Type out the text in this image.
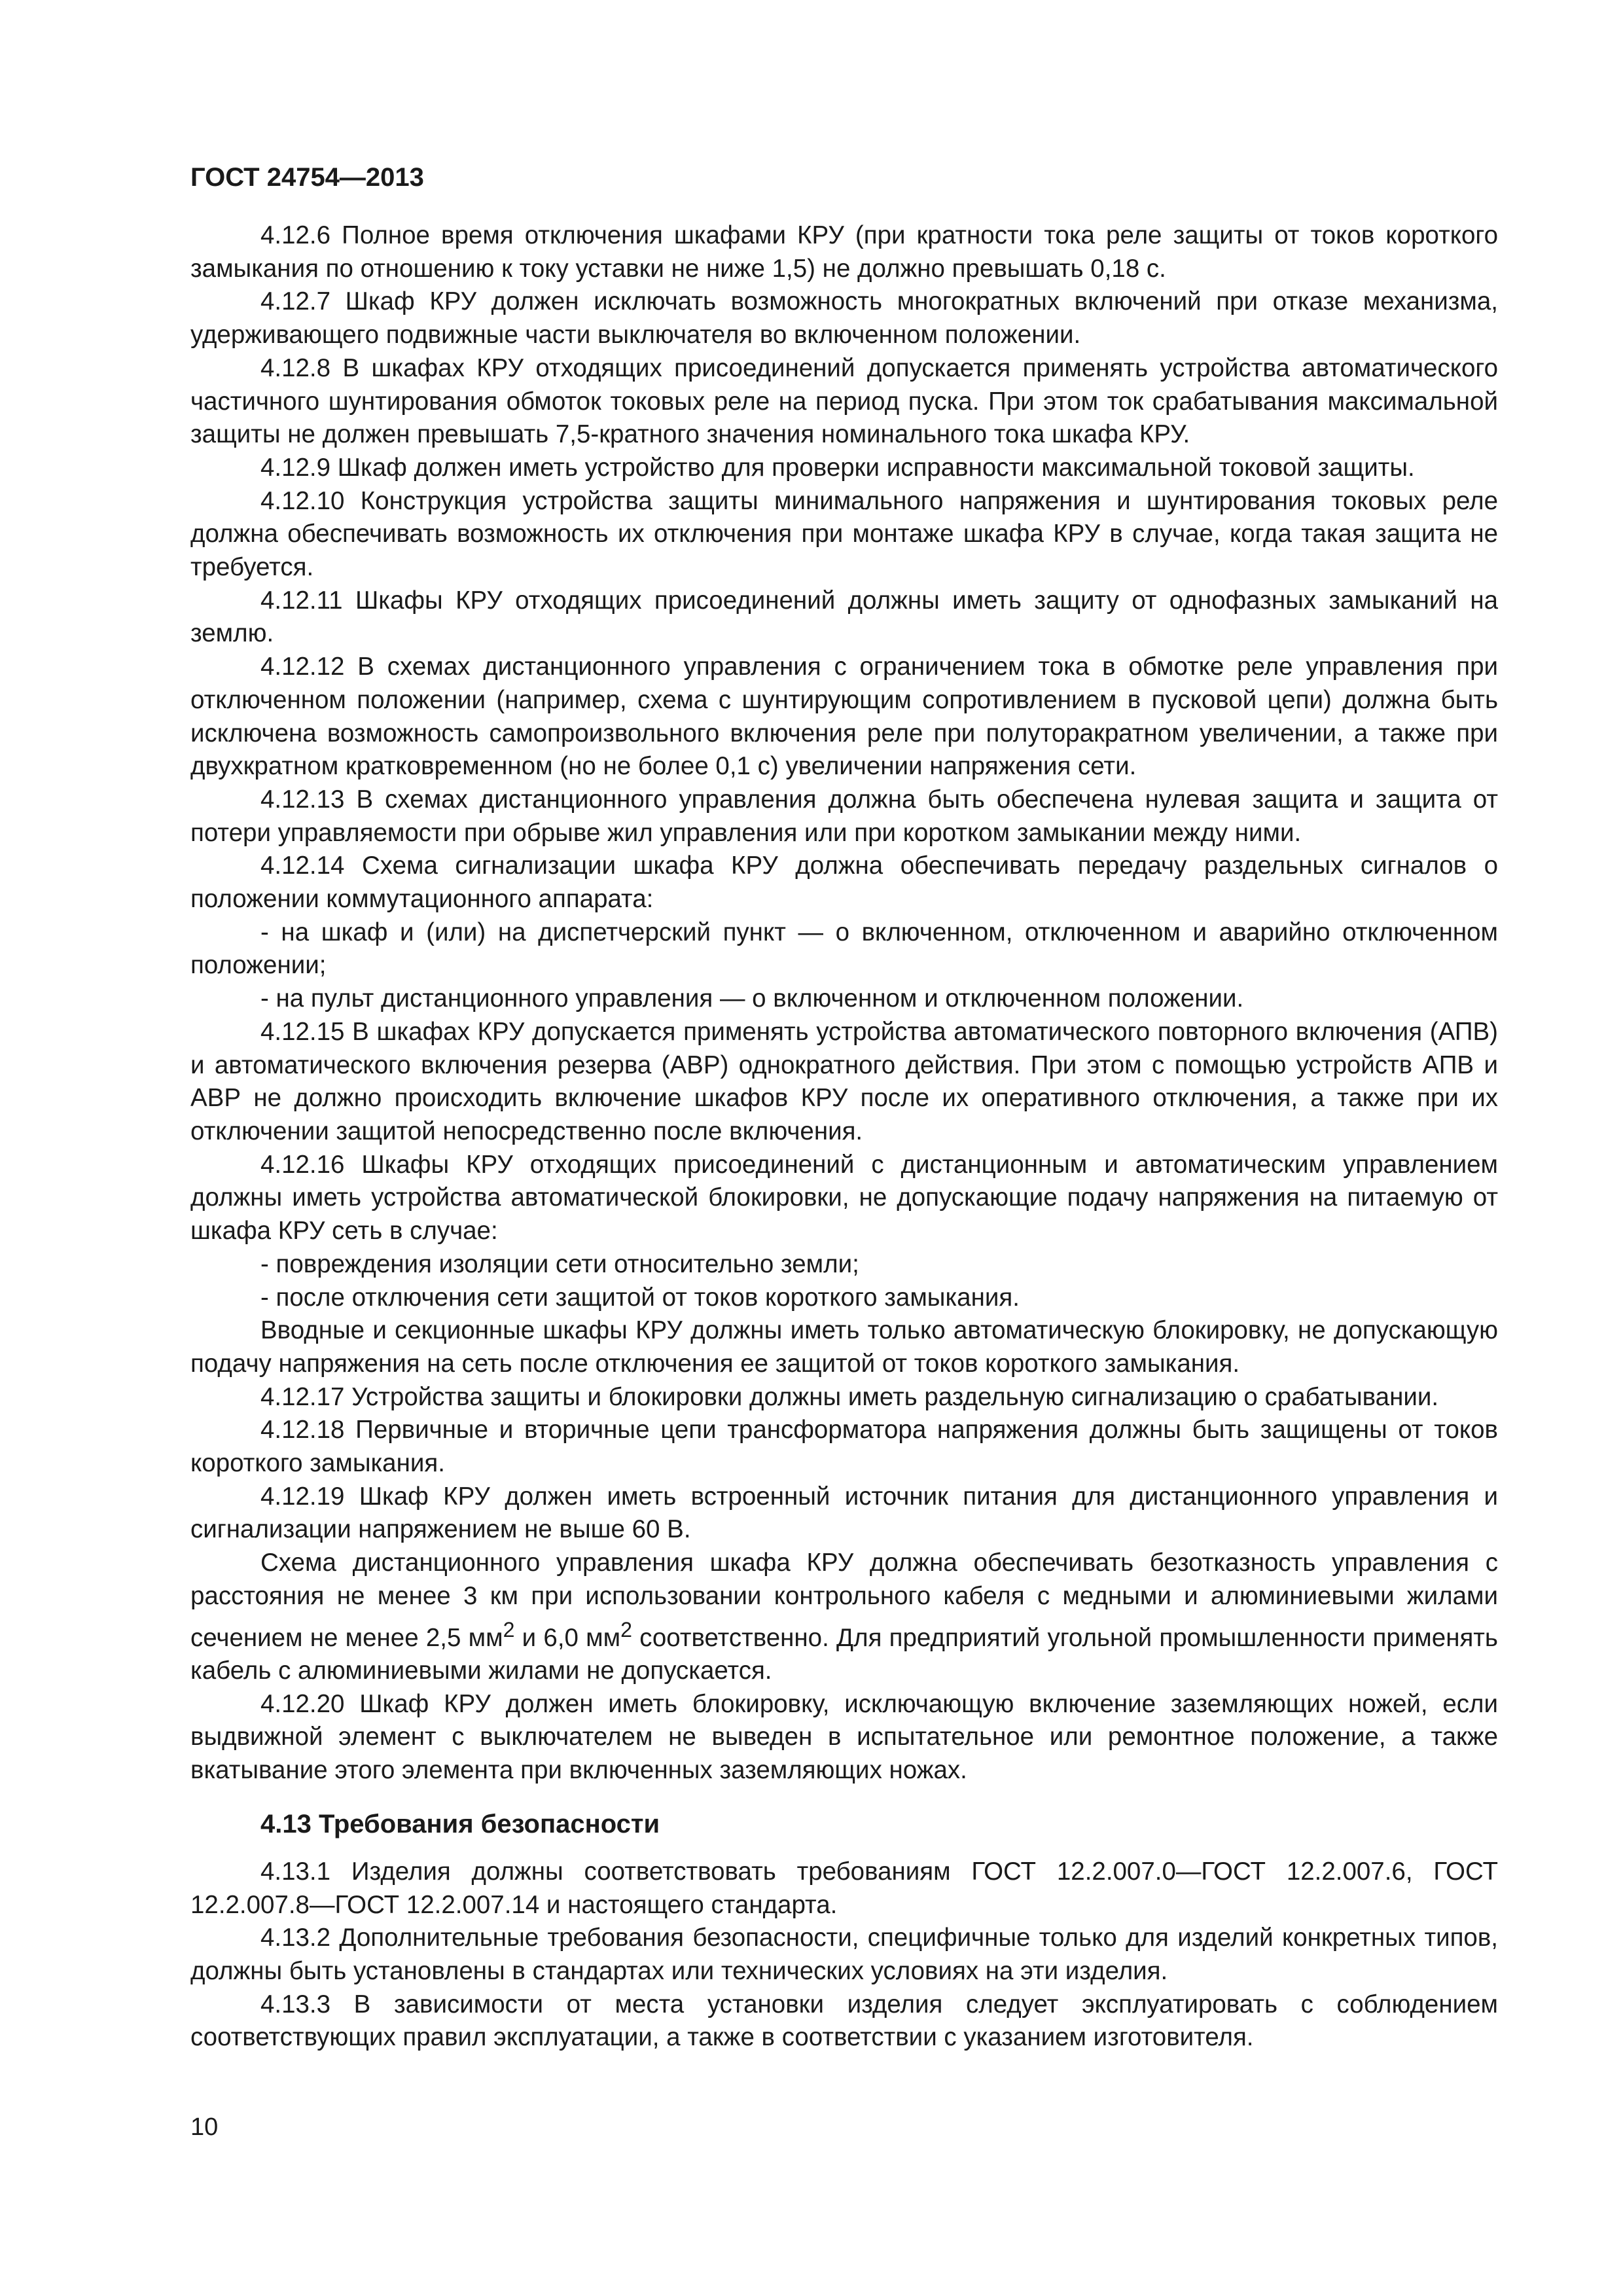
ГОСТ 24754—2013

4.12.6 Полное время отключения шкафами КРУ (при кратности тока реле защиты от токов короткого замыкания по отношению к току уставки не ниже 1,5) не должно превышать 0,18 с.

4.12.7 Шкаф КРУ должен исключать возможность многократных включений при отказе механизма, удерживающего подвижные части выключателя во включенном положении.

4.12.8 В шкафах КРУ отходящих присоединений допускается применять устройства автоматического частичного шунтирования обмоток токовых реле на период пуска. При этом ток срабатывания максимальной защиты не должен превышать 7,5-кратного значения номинального тока шкафа КРУ.

4.12.9 Шкаф должен иметь устройство для проверки исправности максимальной токовой защиты.

4.12.10 Конструкция устройства защиты минимального напряжения и шунтирования токовых реле должна обеспечивать возможность их отключения при монтаже шкафа КРУ в случае, когда такая защита не требуется.

4.12.11 Шкафы КРУ отходящих присоединений должны иметь защиту от однофазных замыканий на землю.

4.12.12 В схемах дистанционного управления с ограничением тока в обмотке реле управления при отключенном положении (например, схема с шунтирующим сопротивлением в пусковой цепи) должна быть исключена возможность самопроизвольного включения реле при полуторакратном увеличении, а также при двухкратном кратковременном (но не более 0,1 с) увеличении напряжения сети.

4.12.13 В схемах дистанционного управления должна быть обеспечена нулевая защита и защита от потери управляемости при обрыве жил управления или при коротком замыкании между ними.

4.12.14 Схема сигнализации шкафа КРУ должна обеспечивать передачу раздельных сигналов о положении коммутационного аппарата:

- на шкаф и (или) на диспетчерский пункт — о включенном, отключенном и аварийно отключенном положении;

- на пульт дистанционного управления — о включенном и отключенном положении.

4.12.15 В шкафах КРУ допускается применять устройства автоматического повторного включения (АПВ) и автоматического включения резерва (АВР) однократного действия. При этом с помощью устройств АПВ и АВР не должно происходить включение шкафов КРУ после их оперативного отключения, а также при их отключении защитой непосредственно после включения.

4.12.16 Шкафы КРУ отходящих присоединений с дистанционным и автоматическим управлением должны иметь устройства автоматической блокировки, не допускающие подачу напряжения на питаемую от шкафа КРУ сеть в случае:

- повреждения изоляции сети относительно земли;

- после отключения сети защитой от токов короткого замыкания.

Вводные и секционные шкафы КРУ должны иметь только автоматическую блокировку, не допускающую подачу напряжения на сеть после отключения ее защитой от токов короткого замыкания.

4.12.17 Устройства защиты и блокировки должны иметь раздельную сигнализацию о срабатывании.

4.12.18 Первичные и вторичные цепи трансформатора напряжения должны быть защищены от токов короткого замыкания.

4.12.19 Шкаф КРУ должен иметь встроенный источник питания для дистанционного управления и сигнализации напряжением не выше 60 В.

Схема дистанционного управления шкафа КРУ должна обеспечивать безотказность управления с расстояния не менее 3 км при использовании контрольного кабеля с медными и алюминиевыми жилами сечением не менее 2,5 $мм^2$ и 6,0 $мм^2$ соответственно. Для предприятий угольной промышленности применять кабель с алюминиевыми жилами не допускается.

4.12.20 Шкаф КРУ должен иметь блокировку, исключающую включение заземляющих ножей, если выдвижной элемент с выключателем не выведен в испытательное или ремонтное положение, а также вкатывание этого элемента при включенных заземляющих ножах.

4.13 Требования безопасности

4.13.1 Изделия должны соответствовать требованиям ГОСТ 12.2.007.0—ГОСТ 12.2.007.6, ГОСТ 12.2.007.8—ГОСТ 12.2.007.14 и настоящего стандарта.

4.13.2 Дополнительные требования безопасности, специфичные только для изделий конкретных типов, должны быть установлены в стандартах или технических условиях на эти изделия.

4.13.3 В зависимости от места установки изделия следует эксплуатировать с соблюдением соответствующих правил эксплуатации, а также в соответствии с указанием изготовителя.

10
